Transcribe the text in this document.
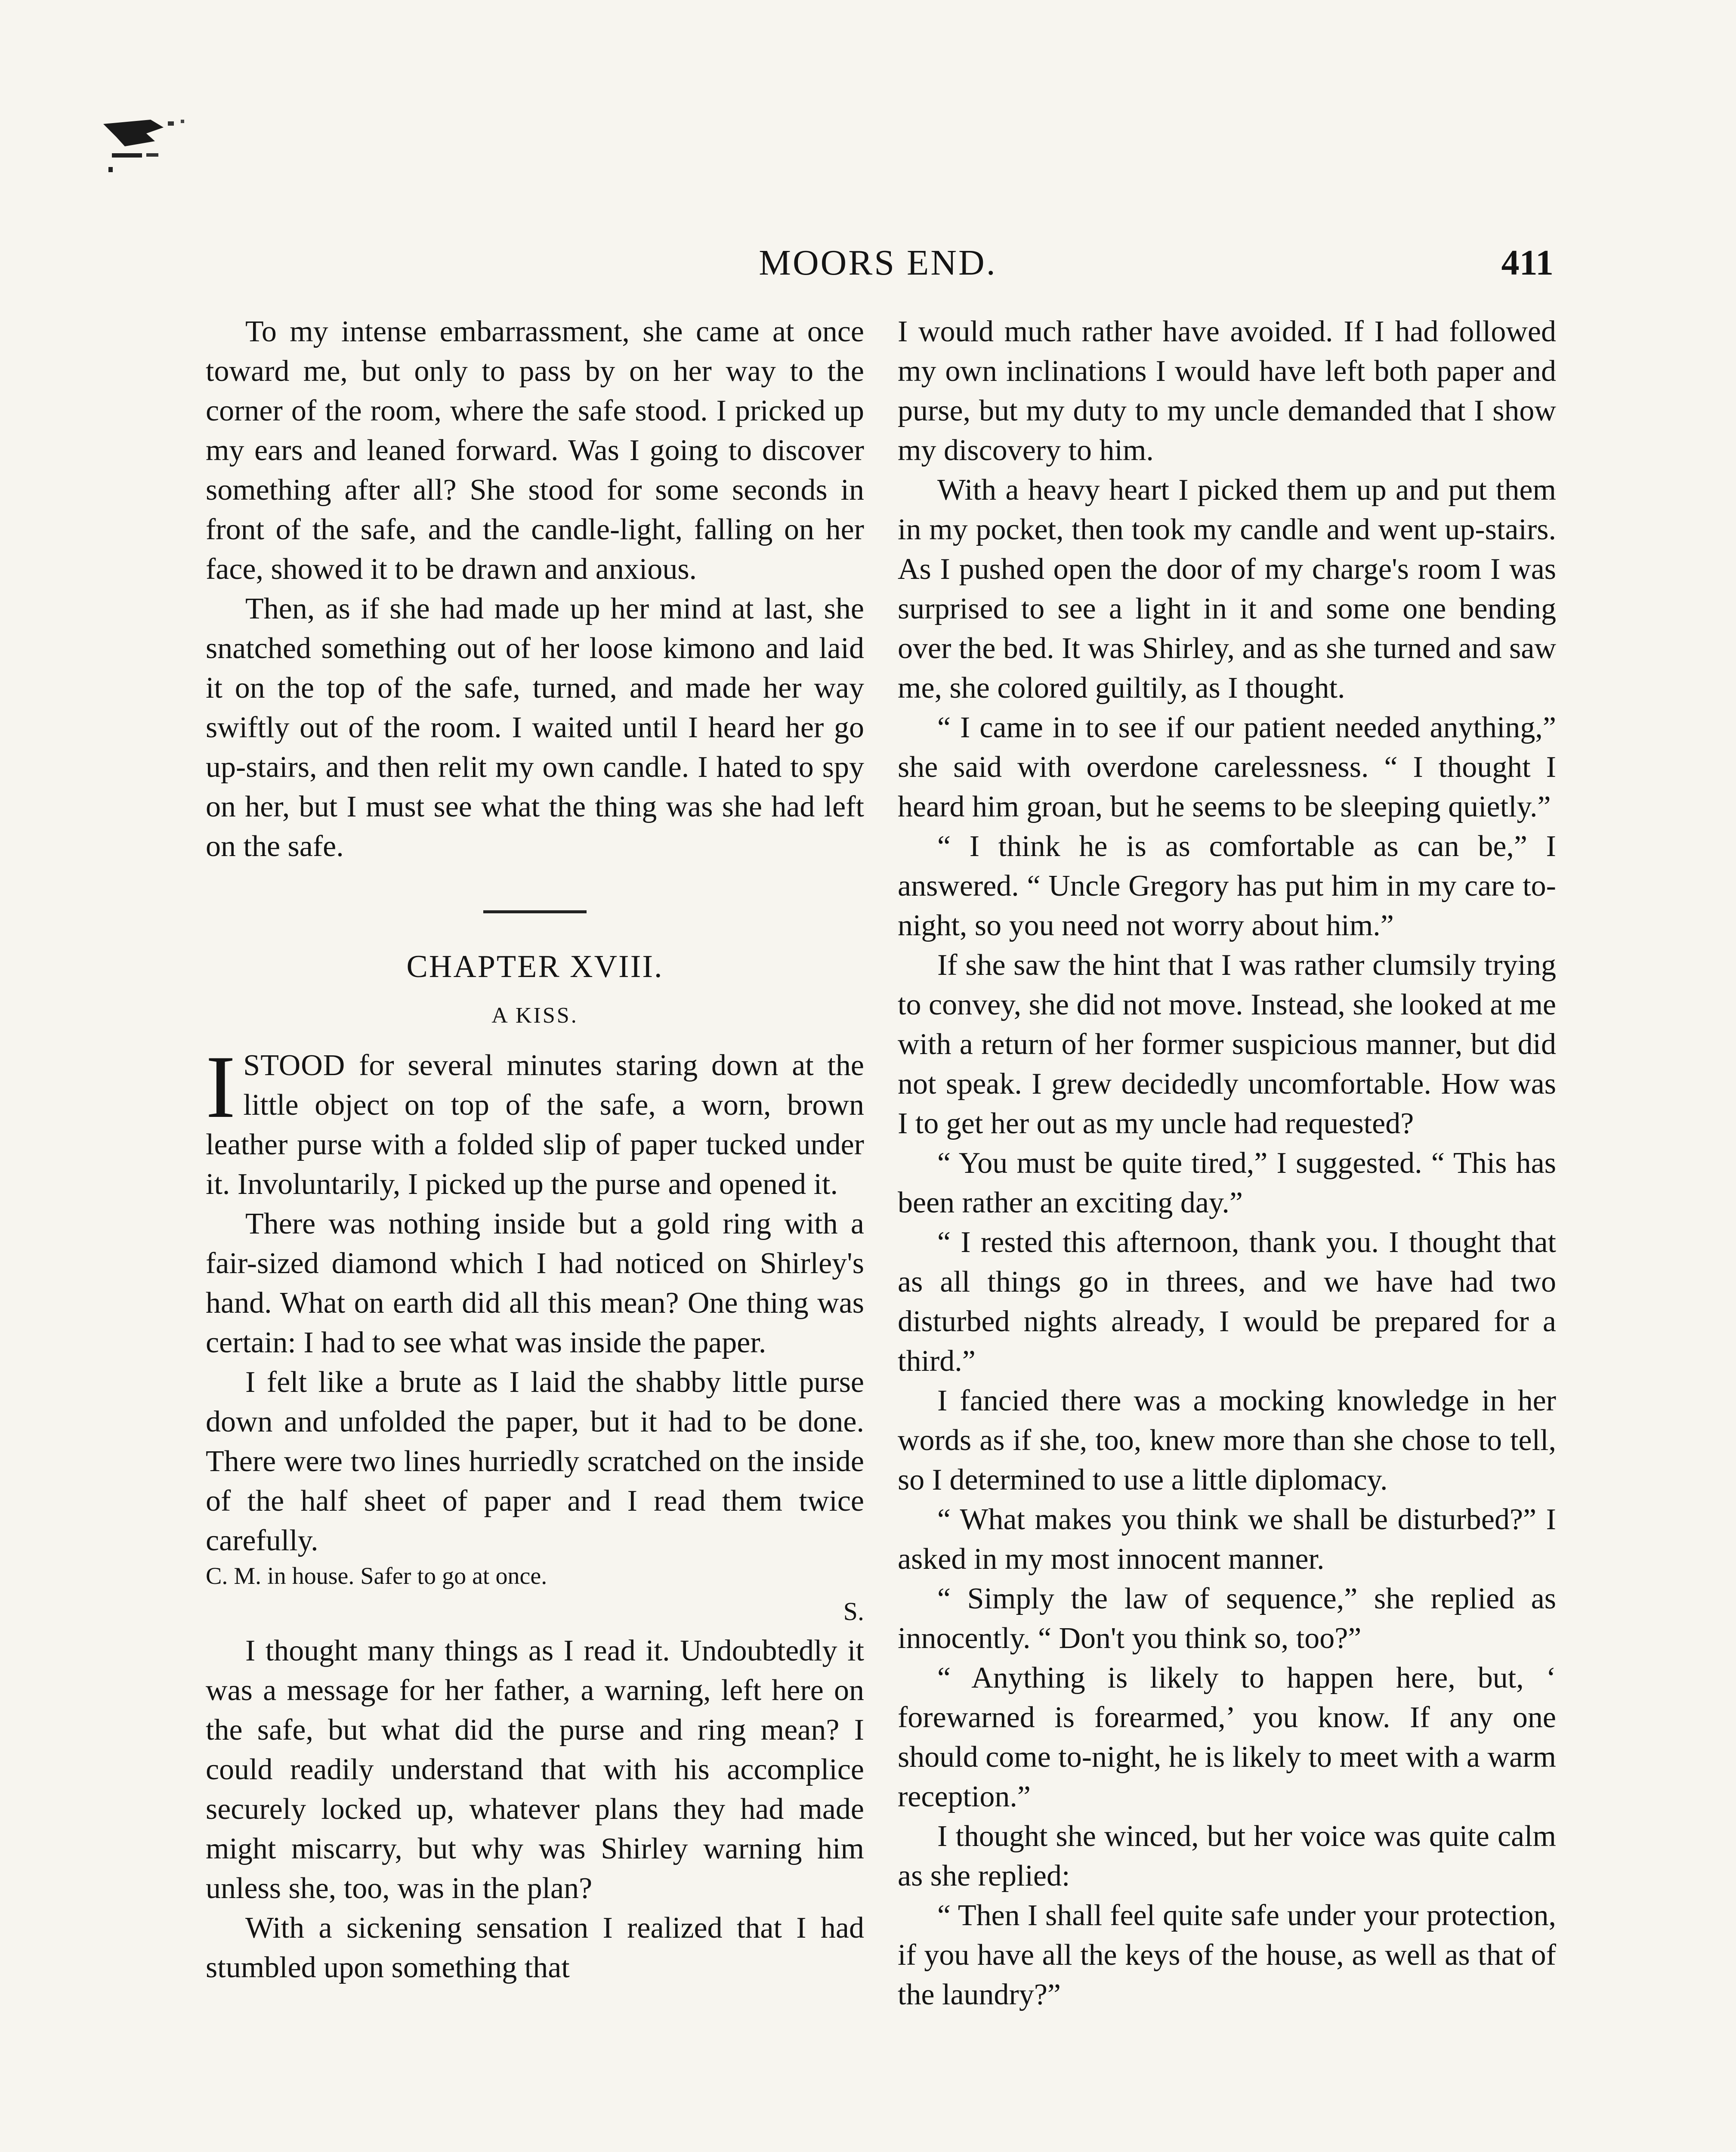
MOORS END.	411

To my intense embarrassment, she came at once toward me, but only to pass by on her way to the corner of the room, where the safe stood. I pricked up my ears and leaned forward. Was I going to discover something after all? She stood for some seconds in front of the safe, and the candle-light, falling on her face, showed it to be drawn and anxious.

Then, as if she had made up her mind at last, she snatched something out of her loose kimono and laid it on the top of the safe, turned, and made her way swiftly out of the room. I waited until I heard her go up-stairs, and then relit my own candle. I hated to spy on her, but I must see what the thing was she had left on the safe.

CHAPTER XVIII.
A KISS.

ISTOOD for several minutes staring down at the little object on top of the safe, a worn, brown leather purse with a folded slip of paper tucked under it. Involuntarily, I picked up the purse and opened it.

There was nothing inside but a gold ring with a fair-sized diamond which I had noticed on Shirley's hand. What on earth did all this mean? One thing was certain: I had to see what was inside the paper.

I felt like a brute as I laid the shabby little purse down and unfolded the paper, but it had to be done. There were two lines hurriedly scratched on the inside of the half sheet of paper and I read them twice carefully.

C. M. in house. Safer to go at once.

S.

I thought many things as I read it. Undoubtedly it was a message for her father, a warning, left here on the safe, but what did the purse and ring mean? I could readily understand that with his accomplice securely locked up, whatever plans they had made might miscarry, but why was Shirley warning him unless she, too, was in the plan?

With a sickening sensation I realized that I had stumbled upon something that

I would much rather have avoided. If I had followed my own inclinations I would have left both paper and purse, but my duty to my uncle demanded that I show my discovery to him.

With a heavy heart I picked them up and put them in my pocket, then took my candle and went up-stairs. As I pushed open the door of my charge's room I was surprised to see a light in it and some one bending over the bed. It was Shirley, and as she turned and saw me, she colored guiltily, as I thought.

“ I came in to see if our patient needed anything,” she said with overdone carelessness. “ I thought I heard him groan, but he seems to be sleeping quietly.”

“ I think he is as comfortable as can be,” I answered. “ Uncle Gregory has put him in my care to-night, so you need not worry about him.”

If she saw the hint that I was rather clumsily trying to convey, she did not move. Instead, she looked at me with a return of her former suspicious manner, but did not speak. I grew decidedly uncomfortable. How was I to get her out as my uncle had requested?

“ You must be quite tired,” I suggested. “ This has been rather an exciting day.”

“ I rested this afternoon, thank you. I thought that as all things go in threes, and we have had two disturbed nights already, I would be prepared for a third.”

I fancied there was a mocking knowledge in her words as if she, too, knew more than she chose to tell, so I determined to use a little diplomacy.

“ What makes you think we shall be disturbed?” I asked in my most innocent manner.

“ Simply the law of sequence,” she replied as innocently. “ Don't you think so, too?”

“ Anything is likely to happen here, but, ‘ forewarned is forearmed,’ you know. If any one should come to-night, he is likely to meet with a warm reception.”

I thought she winced, but her voice was quite calm as she replied:

“ Then I shall feel quite safe under your protection, if you have all the keys of the house, as well as that of the laundry?”
